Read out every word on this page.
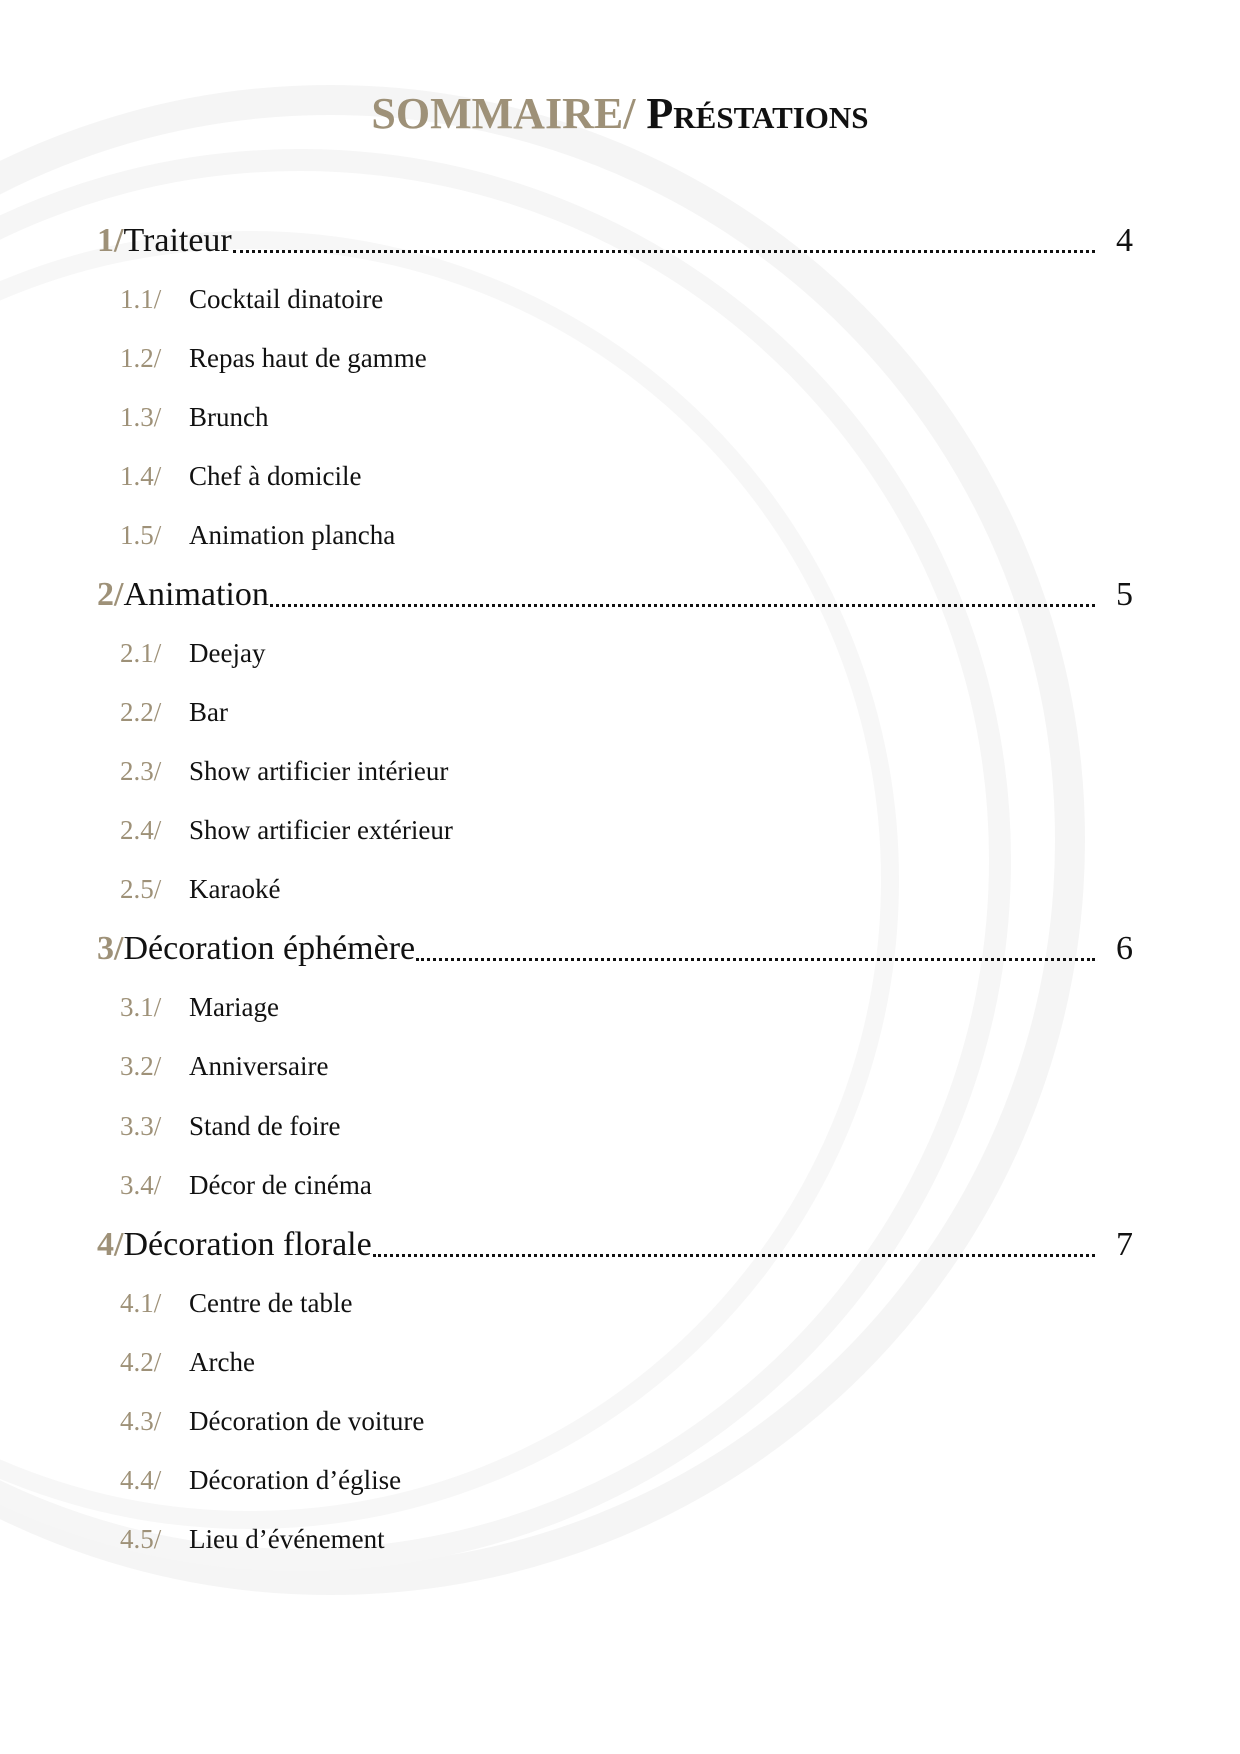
SOMMAIRE/ Préstations
1/ Traiteur	4
1.1/	Cocktail dinatoire
1.2/	Repas haut de gamme
1.3/	Brunch
1.4/	Chef à domicile
1.5/	Animation plancha
2/ Animation	5
2.1/	Deejay
2.2/	Bar
2.3/	Show artificier intérieur
2.4/	Show artificier extérieur
2.5/	Karaoké
3/ Décoration éphémère	6
3.1/	Mariage
3.2/	Anniversaire
3.3/	Stand de foire
3.4/	Décor de cinéma
4/ Décoration florale	7
4.1/	Centre de table
4.2/	Arche
4.3/	Décoration de voiture
4.4/	Décoration d’église
4.5/	Lieu d’événement
